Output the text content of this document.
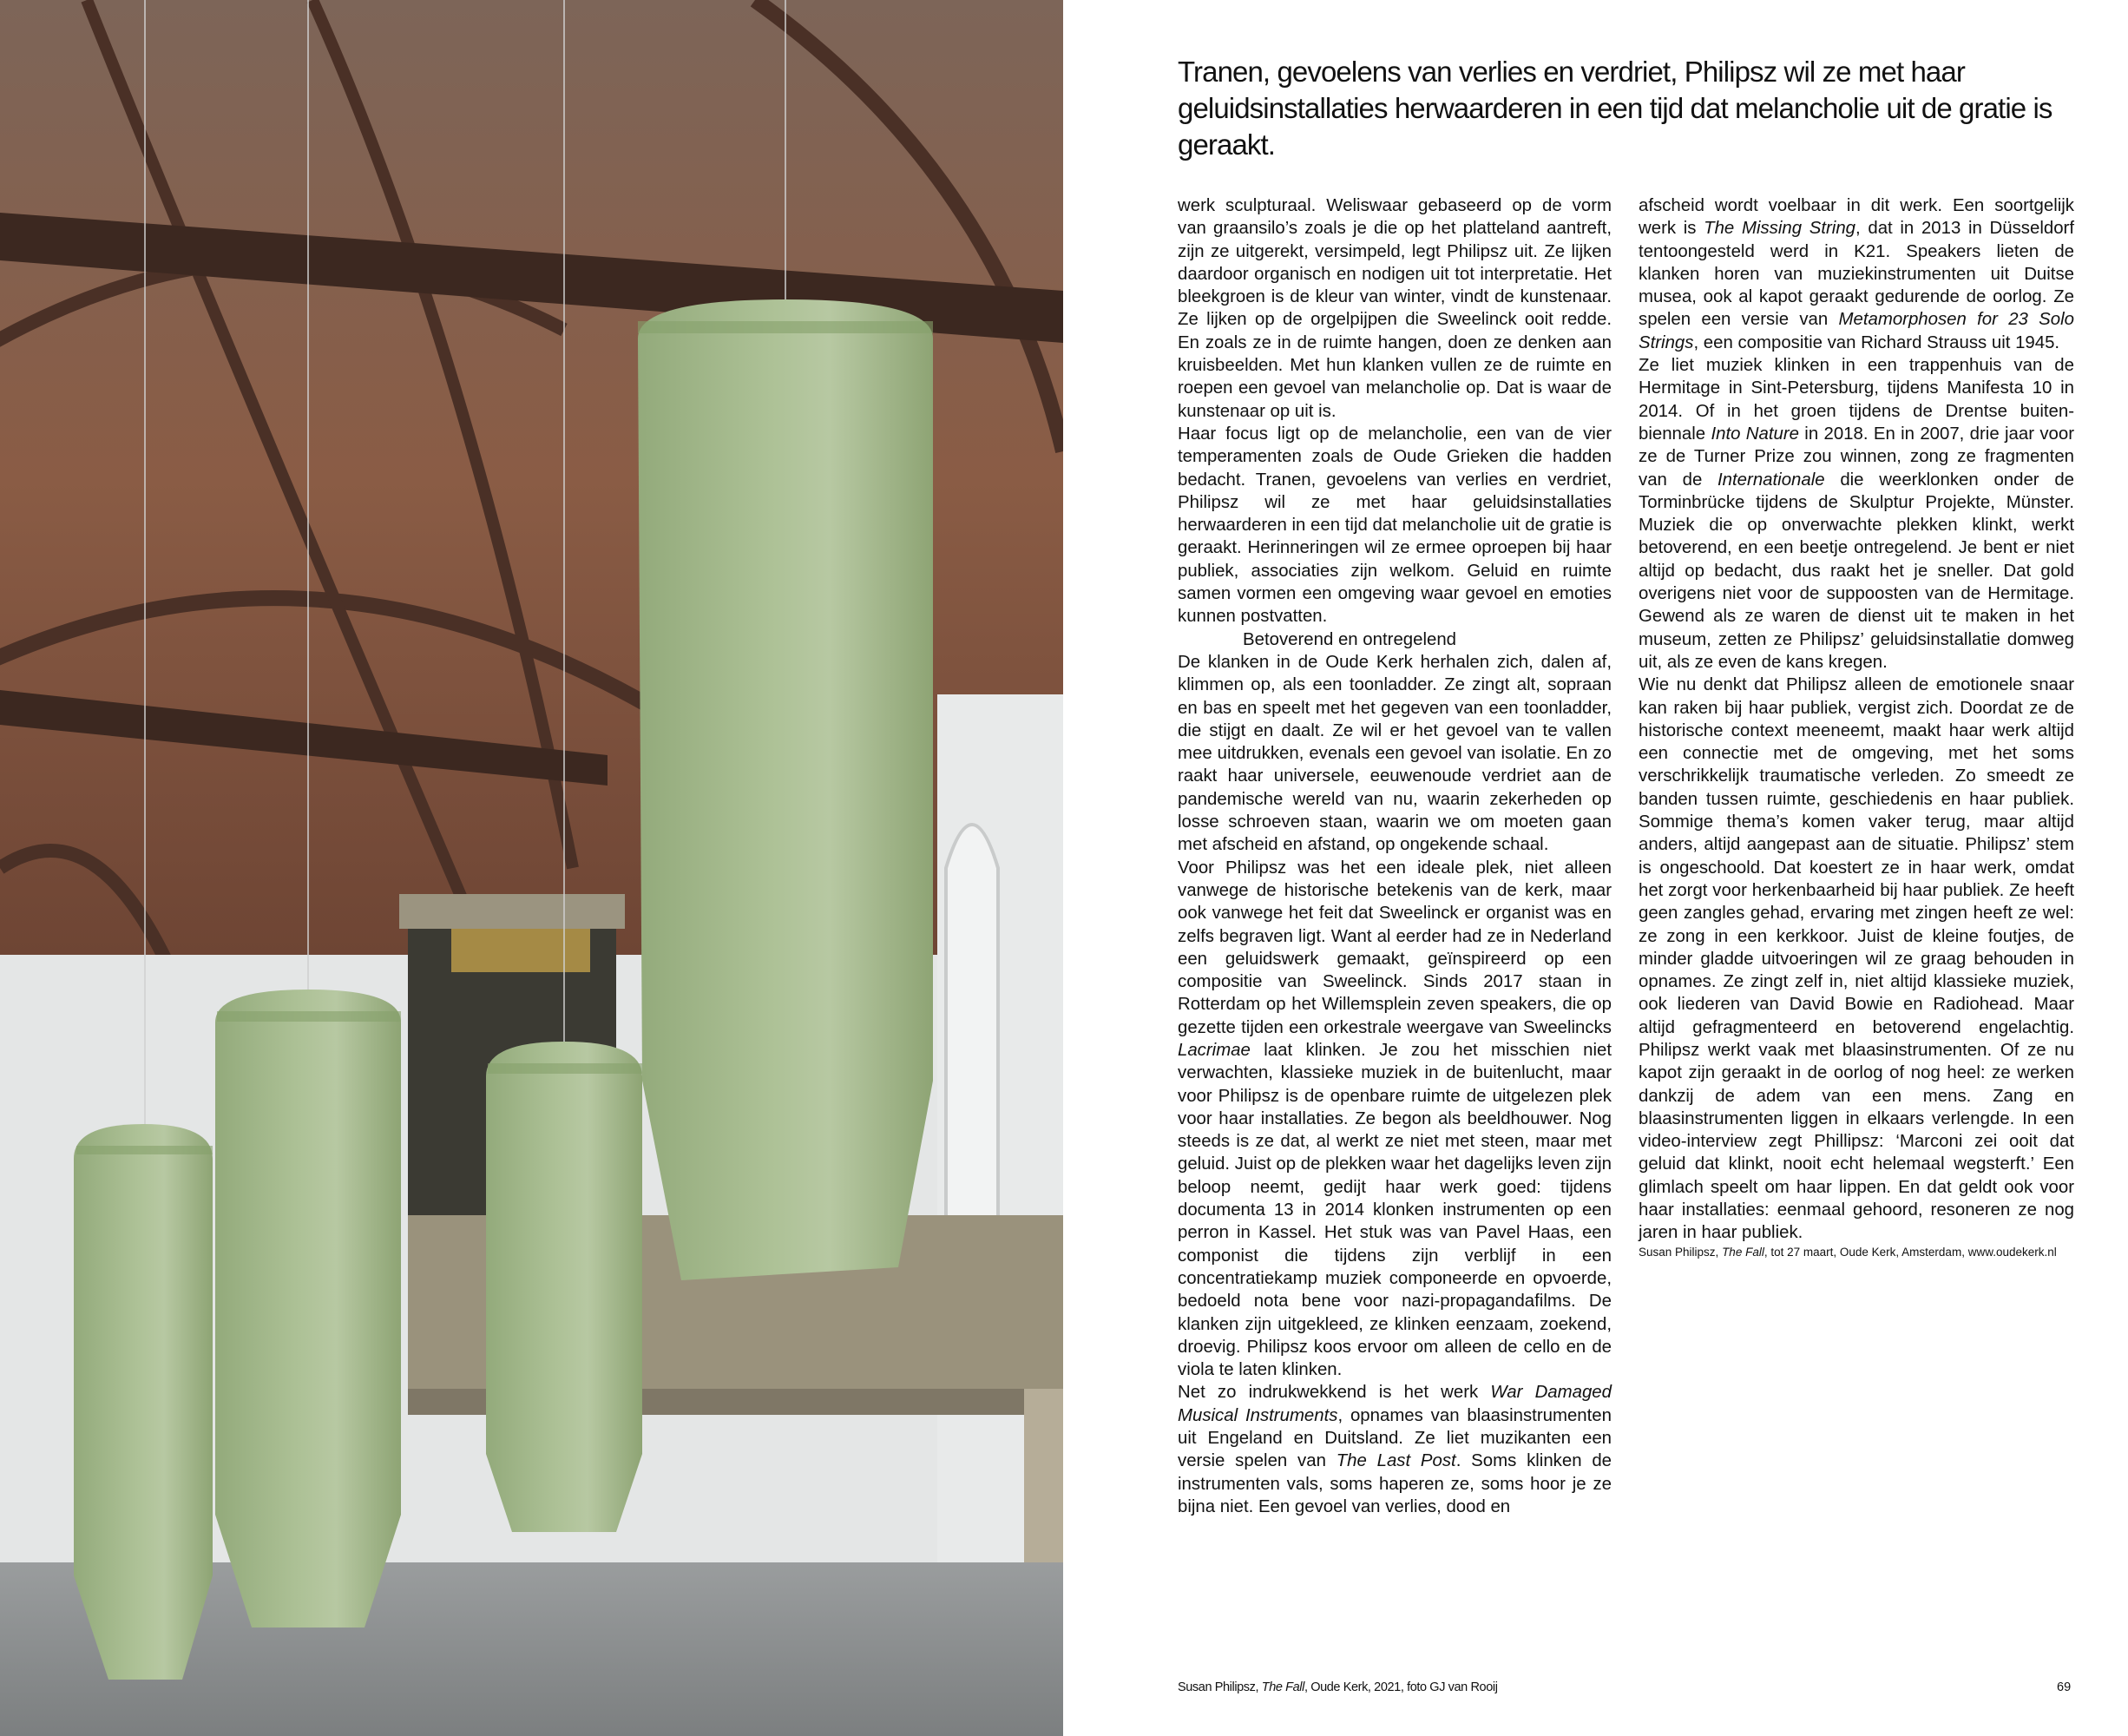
Tranen, gevoelens van verlies en verdriet, Philipsz wil ze met haar geluidsinstallaties herwaarderen in een tijd dat melancholie uit de gratie is geraakt.

werk sculpturaal. Weliswaar gebaseerd op de vorm van graansilo’s zoals je die op het platteland aantreft, zijn ze uitgerekt, versimpeld, legt Philipsz uit. Ze lijken daardoor organisch en nodigen uit tot interpretatie. Het bleekgroen is de kleur van winter, vindt de kunstenaar. Ze lijken op de orgelpijpen die Sweelinck ooit redde. En zoals ze in de ruimte hangen, doen ze denken aan kruisbeelden. Met hun klanken vullen ze de ruimte en roepen een gevoel van melancholie op. Dat is waar de kunstenaar op uit is.

Haar focus ligt op de melancholie, een van de vier temperamenten zoals de Oude Grieken die hadden bedacht. Tranen, gevoelens van verlies en verdriet, Philipsz wil ze met haar geluidsinstallaties herwaarderen in een tijd dat melancholie uit de gratie is geraakt. Herinneringen wil ze ermee oproepen bij haar publiek, associaties zijn welkom. Geluid en ruimte samen vormen een omgeving waar gevoel en emoties kunnen postvatten.

Betoverend en ontregelend

De klanken in de Oude Kerk herhalen zich, dalen af, klimmen op, als een toonladder. Ze zingt alt, sopraan en bas en speelt met het gegeven van een toonladder, die stijgt en daalt. Ze wil er het gevoel van te vallen mee uitdrukken, evenals een gevoel van isolatie. En zo raakt haar universele, eeuwenoude verdriet aan de pandemische wereld van nu, waarin zekerheden op losse schroeven staan, waarin we om moeten gaan met afscheid en afstand, op ongekende schaal.

Voor Philipsz was het een ideale plek, niet alleen vanwege de historische betekenis van de kerk, maar ook vanwege het feit dat Sweelinck er organist was en zelfs begraven ligt. Want al eerder had ze in Nederland een geluidswerk gemaakt, geïnspireerd op een compositie van Sweelinck. Sinds 2017 staan in Rotterdam op het Willemsplein zeven speakers, die op gezette tijden een orkestrale weergave van Sweelincks Lacrimae laat klinken. Je zou het misschien niet verwachten, klassieke muziek in de buitenlucht, maar voor Philipsz is de openbare ruimte de uitgelezen plek voor haar installaties. Ze begon als beeldhouwer. Nog steeds is ze dat, al werkt ze niet met steen, maar met geluid. Juist op de plekken waar het dagelijks leven zijn beloop neemt, gedijt haar werk goed: tijdens documenta 13 in 2014 klonken instrumenten op een perron in Kassel. Het stuk was van Pavel Haas, een componist die tijdens zijn verblijf in een concentratiekamp muziek componeerde en opvoerde, bedoeld nota bene voor nazi-propagandafilms. De klanken zijn uitgekleed, ze klinken eenzaam, zoekend, droevig. Philipsz koos ervoor om alleen de cello en de viola te laten klinken.

Net zo indrukwekkend is het werk War Damaged Musical Instruments, opnames van blaasinstrumenten uit Engeland en Duitsland. Ze liet muzikanten een versie spelen van The Last Post. Soms klinken de instrumenten vals, soms haperen ze, soms hoor je ze bijna niet. Een gevoel van verlies, dood en

afscheid wordt voelbaar in dit werk. Een soortgelijk werk is The Missing String, dat in 2013 in Düsseldorf tentoongesteld werd in K21. Speakers lieten de klanken horen van muziekinstrumenten uit Duitse musea, ook al kapot geraakt gedurende de oorlog. Ze spelen een versie van Metamorphosen for 23 Solo Strings, een compositie van Richard Strauss uit 1945.

Ze liet muziek klinken in een trappenhuis van de Hermitage in Sint-Petersburg, tijdens Manifesta 10 in 2014. Of in het groen tijdens de Drentse buiten-biennale Into Nature in 2018. En in 2007, drie jaar voor ze de Turner Prize zou winnen, zong ze fragmenten van de Internationale die weerklonken onder de Torminbrücke tijdens de Skulptur Projekte, Münster. Muziek die op onverwachte plekken klinkt, werkt betoverend, en een beetje ontregelend. Je bent er niet altijd op bedacht, dus raakt het je sneller. Dat gold overigens niet voor de suppoosten van de Hermitage. Gewend als ze waren de dienst uit te maken in het museum, zetten ze Philipsz’ geluidsinstallatie domweg uit, als ze even de kans kregen.

Wie nu denkt dat Philipsz alleen de emotionele snaar kan raken bij haar publiek, vergist zich. Doordat ze de historische context meeneemt, maakt haar werk altijd een connectie met de omgeving, met het soms verschrikkelijk traumatische verleden. Zo smeedt ze banden tussen ruimte, geschiedenis en haar publiek. Sommige thema’s komen vaker terug, maar altijd anders, altijd aangepast aan de situatie. Philipsz’ stem is ongeschoold. Dat koestert ze in haar werk, omdat het zorgt voor herkenbaarheid bij haar publiek. Ze heeft geen zangles gehad, ervaring met zingen heeft ze wel: ze zong in een kerkkoor. Juist de kleine foutjes, de minder gladde uitvoeringen wil ze graag behouden in opnames. Ze zingt zelf in, niet altijd klassieke muziek, ook liederen van David Bowie en Radiohead. Maar altijd gefragmenteerd en betoverend engelachtig. Philipsz werkt vaak met blaasinstrumenten. Of ze nu kapot zijn geraakt in de oorlog of nog heel: ze werken dankzij de adem van een mens. Zang en blaasinstrumenten liggen in elkaars verlengde. In een video-interview zegt Phillipsz: ‘Marconi zei ooit dat geluid dat klinkt, nooit echt helemaal wegsterft.’ Een glimlach speelt om haar lippen. En dat geldt ook voor haar installaties: eenmaal gehoord, resoneren ze nog jaren in haar publiek.

Susan Philipsz, The Fall, tot 27 maart, Oude Kerk, Amsterdam, www.oudekerk.nl

Susan Philipsz, The Fall, Oude Kerk, 2021, foto GJ van Rooij	69
